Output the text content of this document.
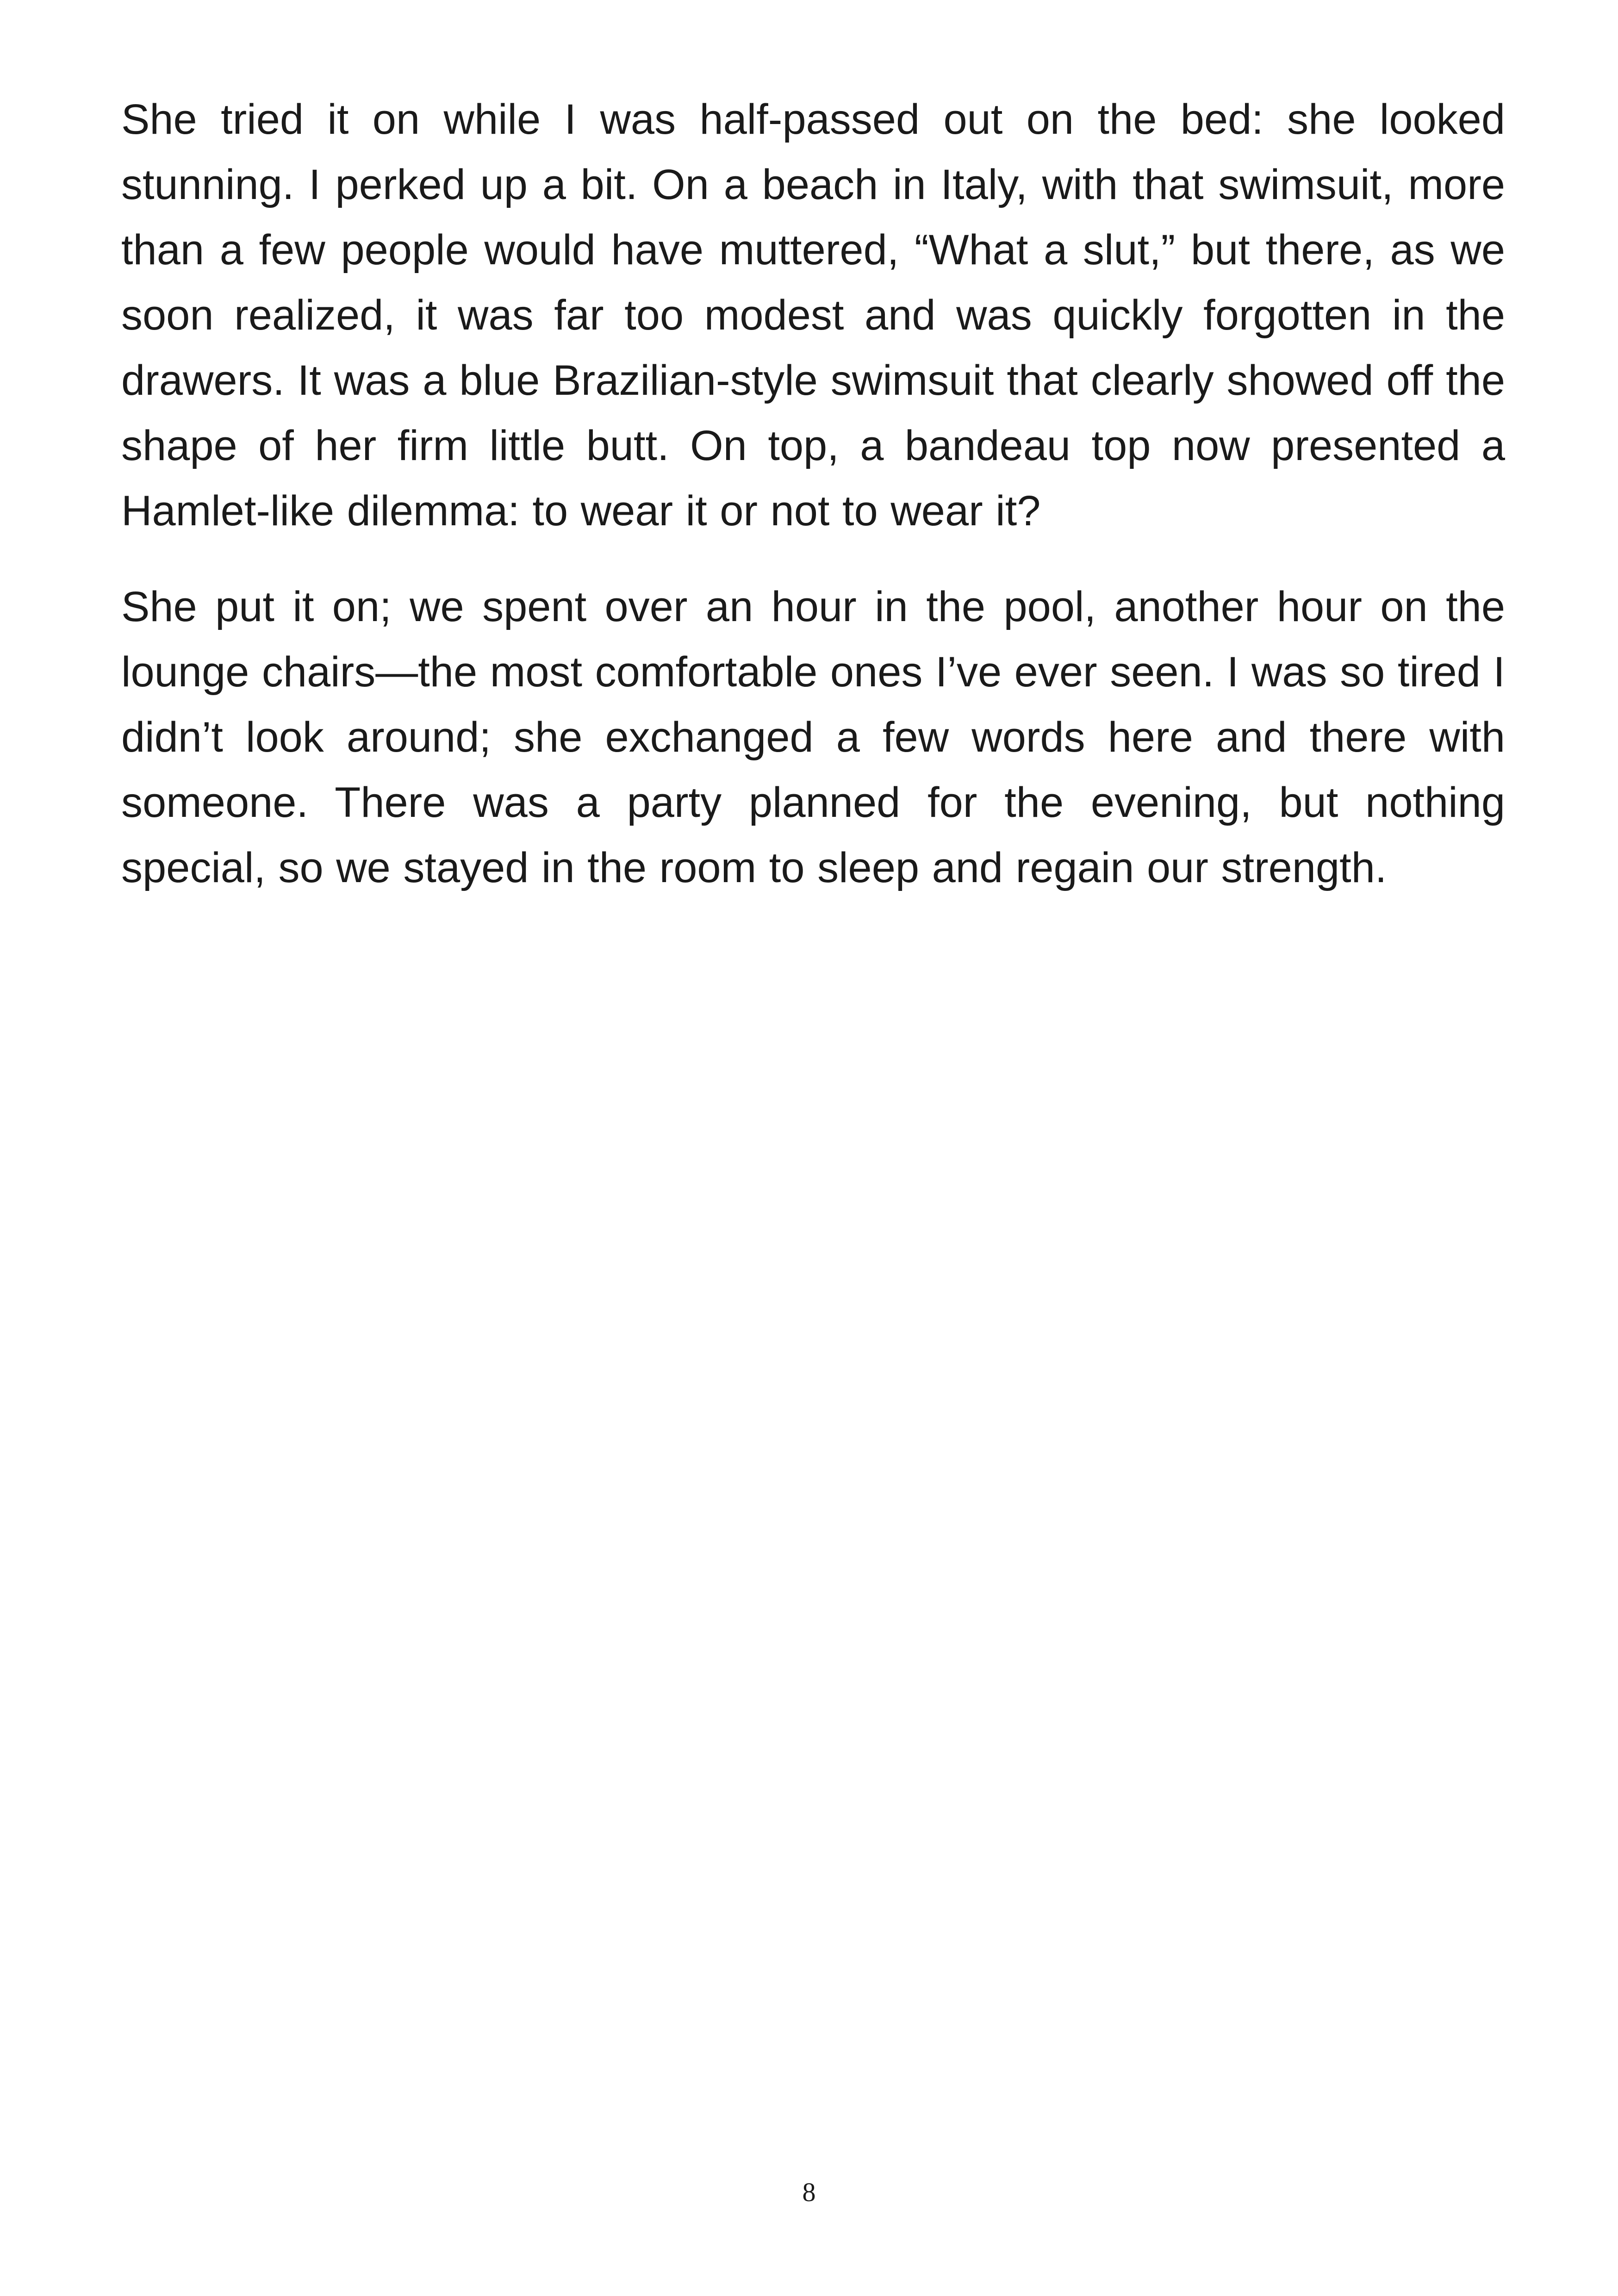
She tried it on while I was half-passed out on the bed: she looked stunning. I perked up a bit. On a beach in Italy, with that swimsuit, more than a few people would have muttered, “What a slut,” but there, as we soon realized, it was far too modest and was quickly forgotten in the drawers. It was a blue Brazilian-style swimsuit that clearly showed off the shape of her firm little butt. On top, a bandeau top now presented a Hamlet-like dilemma: to wear it or not to wear it?

She put it on; we spent over an hour in the pool, another hour on the lounge chairs—the most comfortable ones I’ve ever seen. I was so tired I didn’t look around; she exchanged a few words here and there with someone. There was a party planned for the evening, but nothing special, so we stayed in the room to sleep and regain our strength.

8
